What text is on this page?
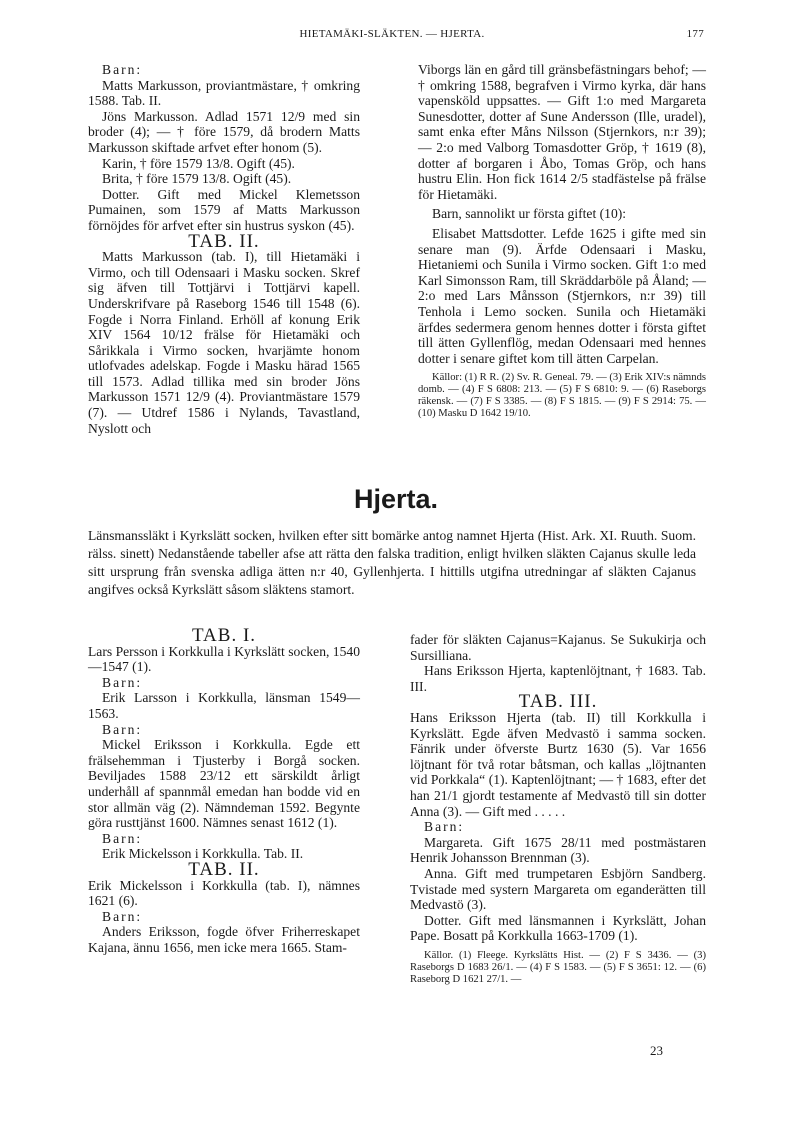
HIETAMÄKI-SLÄKTEN. — HJERTA.	177

Barn:

Matts Markusson, proviantmästare, † omkring 1588. Tab. II.

Jöns Markusson. Adlad 1571 12/9 med sin broder (4); — † före 1579, då brodern Matts Markusson skiftade arfvet efter honom (5).

Karin, † före 1579 13/8. Ogift (45).

Brita, † före 1579 13/8. Ogift (45).

Dotter. Gift med Mickel Klemetsson Pumainen, som 1579 af Matts Markusson förnöjdes för arfvet efter sin hustrus syskon (45).

TAB. II.

Matts Markusson (tab. I), till Hietamäki i Virmo, och till Odensaari i Masku socken. Skref sig äfven till Tottjärvi i Tottjärvi kapell. Underskrifvare på Raseborg 1546 till 1548 (6). Fogde i Norra Finland. Erhöll af konung Erik XIV 1564 10/12 frälse för Hietamäki och Sårikkala i Virmo socken, hvarjämte honom utlofvades adelskap. Fogde i Masku härad 1565 till 1573. Adlad tillika med sin broder Jöns Markusson 1571 12/9 (4). Proviantmästare 1579 (7). — Utdref 1586 i Nylands, Tavastland, Nyslott och

Viborgs län en gård till gränsbefästningars behof; — † omkring 1588, begrafven i Virmo kyrka, där hans vapensköld uppsattes. — Gift 1:o med Margareta Sunesdotter, dotter af Sune Andersson (Ille, uradel), samt enka efter Måns Nilsson (Stjernkors, n:r 39); — 2:o med Valborg Tomasdotter Gröp, † 1619 (8), dotter af borgaren i Åbo, Tomas Gröp, och hans hustru Elin. Hon fick 1614 2/5 stadfästelse på frälse för Hietamäki.

Barn, sannolikt ur första giftet (10):

Elisabet Mattsdotter. Lefde 1625 i gifte med sin senare man (9). Ärfde Odensaari i Masku, Hietaniemi och Sunila i Virmo socken. Gift 1:o med Karl Simonsson Ram, till Skräddarböle på Åland; — 2:o med Lars Månsson (Stjernkors, n:r 39) till Tenhola i Lemo socken. Sunila och Hietamäki ärfdes sedermera genom hennes dotter i första giftet till ätten Gyllenflög, medan Odensaari med hennes dotter i senare giftet kom till ätten Carpelan.

Källor: (1) R R. (2) Sv. R. Geneal. 79. — (3) Erik XIV:s nämnds domb. — (4) F S 6808: 213. — (5) F S 6810: 9. — (6) Raseborgs räkensk. — (7) F S 3385. — (8) F S 1815. — (9) F S 2914: 75. — (10) Masku D 1642 19/10.

Hjerta.
Länsmanssläkt i Kyrkslätt socken, hvilken efter sitt bomärke antog namnet Hjerta (Hist. Ark. XI. Ruuth. Suom. rälss. sinett) Nedanstående tabeller afse att rätta den falska tradition, enligt hvilken släkten Cajanus skulle leda sitt ursprung från svenska adliga ätten n:r 40, Gyllenhjerta. I hittills utgifna utredningar af släkten Cajanus angifves också Kyrkslätt såsom släktens stamort.

TAB. I.

Lars Persson i Korkkulla i Kyrkslätt socken, 1540—1547 (1).

Barn:

Erik Larsson i Korkkulla, länsman 1549—1563.

Barn:

Mickel Eriksson i Korkkulla. Egde ett frälsehemman i Tjusterby i Borgå socken. Beviljades 1588 23/12 ett särskildt årligt underhåll af spannmål emedan han bodde vid en stor allmän väg (2). Nämndeman 1592. Begynte göra rusttjänst 1600. Nämnes senast 1612 (1).

Barn:

Erik Mickelsson i Korkkulla. Tab. II.

TAB. II.

Erik Mickelsson i Korkkulla (tab. I), nämnes 1621 (6).

Barn:

Anders Eriksson, fogde öfver Friherreskapet Kajana, ännu 1656, men icke mera 1665. Stam-

fader för släkten Cajanus=Kajanus. Se Sukukirja och Sursilliana.

Hans Eriksson Hjerta, kaptenlöjtnant, † 1683. Tab. III.

TAB. III.

Hans Eriksson Hjerta (tab. II) till Korkkulla i Kyrkslätt. Egde äfven Medvastö i samma socken. Fänrik under öfverste Burtz 1630 (5). Var 1656 löjtnant för två rotar båtsman, och kallas „löjtnanten vid Porkkala“ (1). Kaptenlöjtnant; — † 1683, efter det han 21/1 gjordt testamente af Medvastö till sin dotter Anna (3). — Gift med . . . . .

Barn:

Margareta. Gift 1675 28/11 med postmästaren Henrik Johansson Brennman (3).

Anna. Gift med trumpetaren Esbjörn Sandberg. Tvistade med systern Margareta om eganderätten till Medvastö (3).

Dotter. Gift med länsmannen i Kyrkslätt, Johan Pape. Bosatt på Korkkulla 1663-1709 (1).

Källor. (1) Fleege. Kyrkslätts Hist. — (2) F S 3436. — (3) Raseborgs D 1683 26/1. — (4) F S 1583. — (5) F S 3651: 12. — (6) Raseborg D 1621 27/1. —

23
